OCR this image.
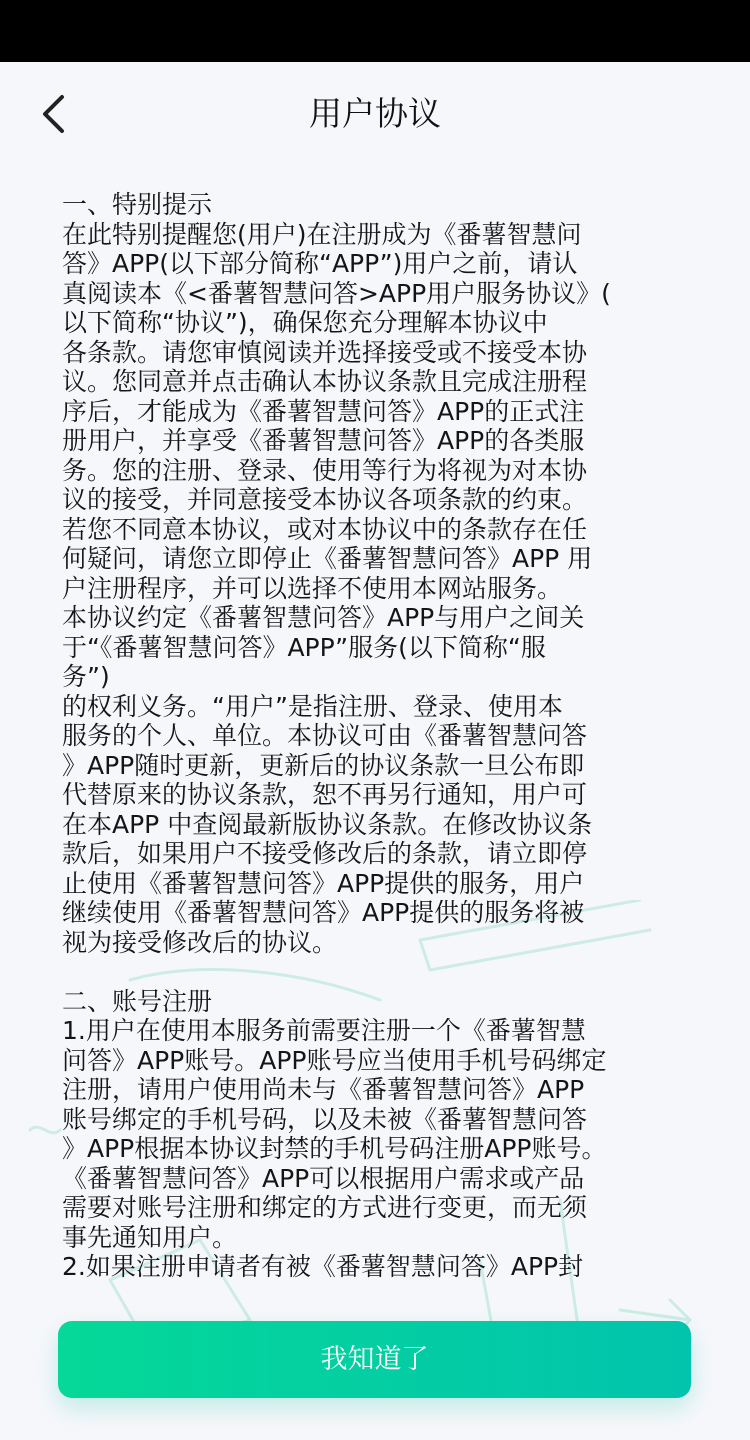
用户协议
一、特别提示
在此特别提醒您(用户)在注册成为《番薯智慧问
答》APP(以下部分简称“APP”)用户之前，请认
真阅读本《<番薯智慧问答>APP用户服务协议》(
以下简称“协议”)，确保您充分理解本协议中
各条款。请您审慎阅读并选择接受或不接受本协
议。您同意并点击确认本协议条款且完成注册程
序后，才能成为《番薯智慧问答》APP的正式注
册用户，并享受《番薯智慧问答》APP的各类服
务。您的注册、登录、使用等行为将视为对本协
议的接受，并同意接受本协议各项条款的约束。
若您不同意本协议，或对本协议中的条款存在任
何疑问，请您立即停止《番薯智慧问答》APP 用
户注册程序，并可以选择不使用本网站服务。
本协议约定《番薯智慧问答》APP与用户之间关
于“《番薯智慧问答》APP”服务(以下简称“服
务”)
的权利义务。“用户”是指注册、登录、使用本
服务的个人、单位。本协议可由《番薯智慧问答
》APP随时更新，更新后的协议条款一旦公布即
代替原来的协议条款，恕不再另行通知，用户可
在本APP 中查阅最新版协议条款。在修改协议条
款后，如果用户不接受修改后的条款，请立即停
止使用《番薯智慧问答》APP提供的服务，用户
继续使用《番薯智慧问答》APP提供的服务将被
视为接受修改后的协议。
二、账号注册
1.用户在使用本服务前需要注册一个《番薯智慧
问答》APP账号。APP账号应当使用手机号码绑定
注册，请用户使用尚未与《番薯智慧问答》APP
账号绑定的手机号码，以及未被《番薯智慧问答
》APP根据本协议封禁的手机号码注册APP账号。
《番薯智慧问答》APP可以根据用户需求或产品
需要对账号注册和绑定的方式进行变更，而无须
事先通知用户。
2.如果注册申请者有被《番薯智慧问答》APP封
我知道了
